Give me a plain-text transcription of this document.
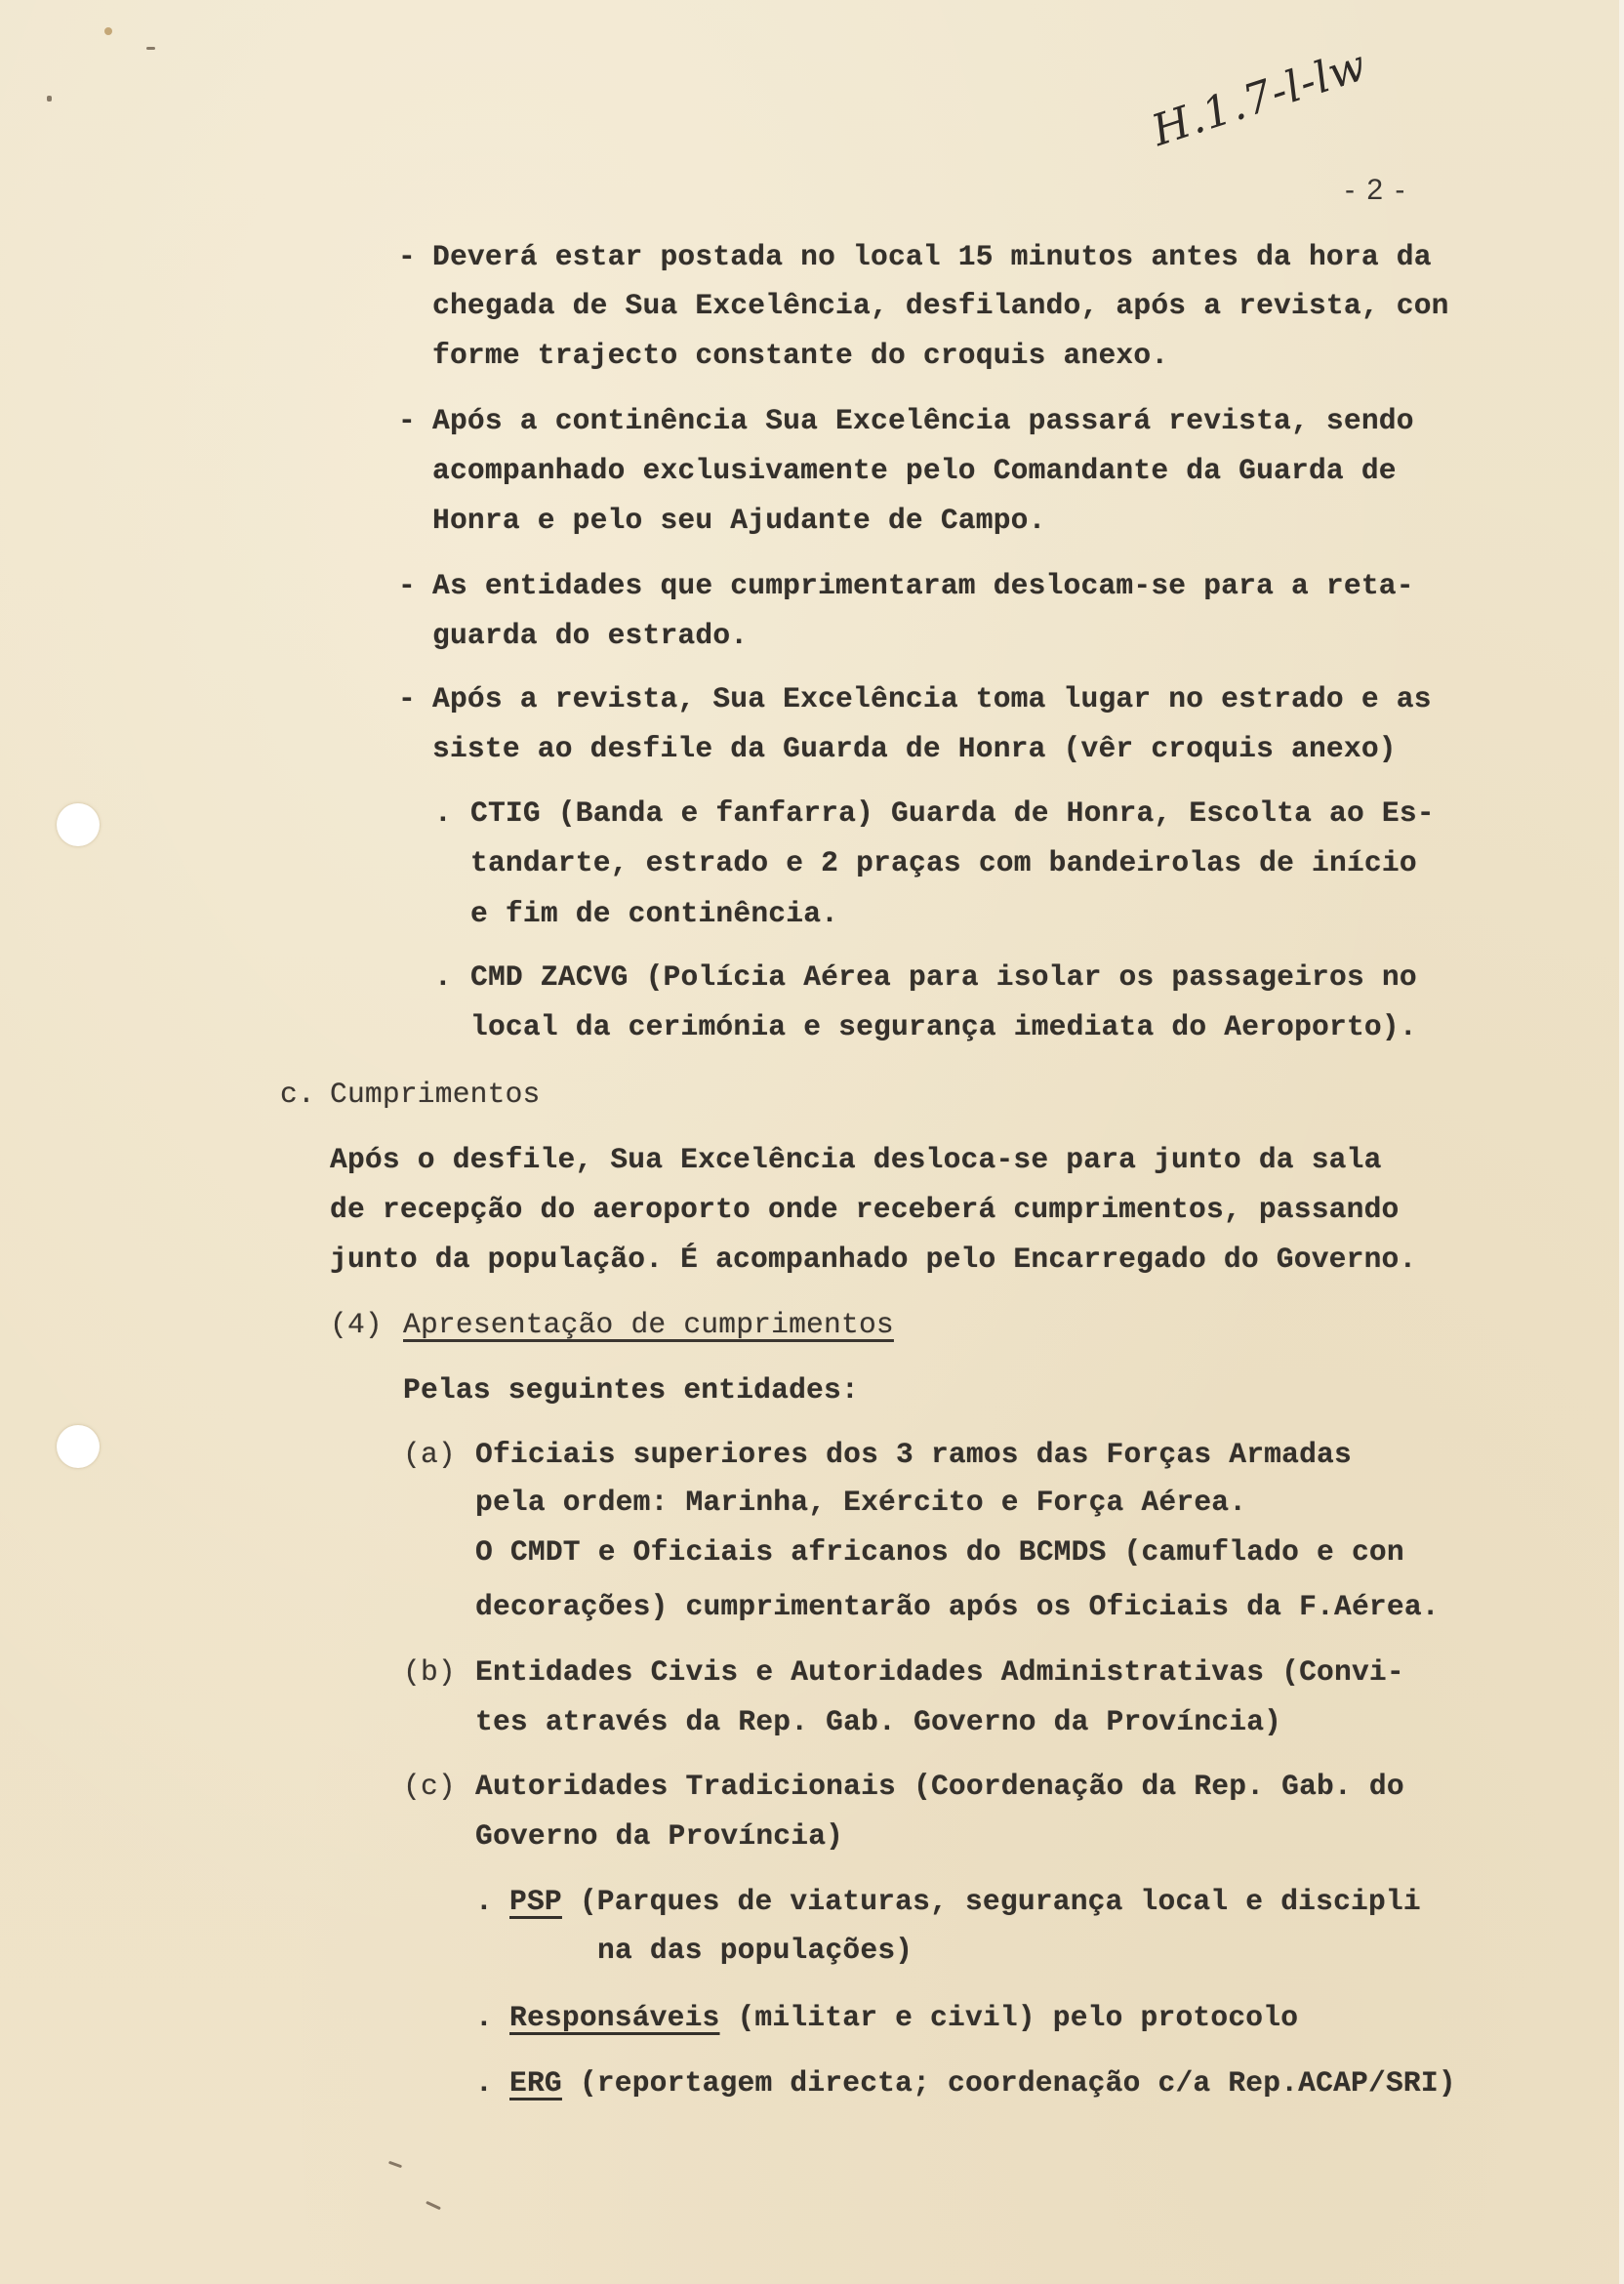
H.1.7-l-lw
- 2 -
- Deverá estar postada no local 15 minutos antes da hora da
chegada de Sua Excelência, desfilando, após a revista, con
forme trajecto constante do croquis anexo.
- Após a continência Sua Excelência passará revista, sendo
acompanhado exclusivamente pelo Comandante da Guarda de
Honra e pelo seu Ajudante de Campo.
- As entidades que cumprimentaram deslocam-se para a reta-
guarda do estrado.
- Após a revista, Sua Excelência toma lugar no estrado e as
siste ao desfile da Guarda de Honra (vêr croquis anexo)
. CTIG (Banda e fanfarra) Guarda de Honra, Escolta ao Es-
tandarte, estrado e 2 praças com bandeirolas de início
e fim de continência.
. CMD ZACVG (Polícia Aérea para isolar os passageiros no
local da cerimónia e segurança imediata do Aeroporto).
c. Cumprimentos
Após o desfile, Sua Excelência desloca-se para junto da sala
de recepção do aeroporto onde receberá cumprimentos, passando
junto da população. É acompanhado pelo Encarregado do Governo.
(4) Apresentação de cumprimentos
Pelas seguintes entidades:
(a) Oficiais superiores dos 3 ramos das Forças Armadas
pela ordem: Marinha, Exército e Força Aérea.
O CMDT e Oficiais africanos do BCMDS (camuflado e con
decorações) cumprimentarão após os Oficiais da F.Aérea.
(b) Entidades Civis e Autoridades Administrativas (Convi-
tes através da Rep. Gab. Governo da Província)
(c) Autoridades Tradicionais (Coordenação da Rep. Gab. do
Governo da Província)
. PSP (Parques de viaturas, segurança local e discipli
na das populações)
. Responsáveis (militar e civil) pelo protocolo
. ERG (reportagem directa; coordenação c/a Rep.ACAP/SRI)
